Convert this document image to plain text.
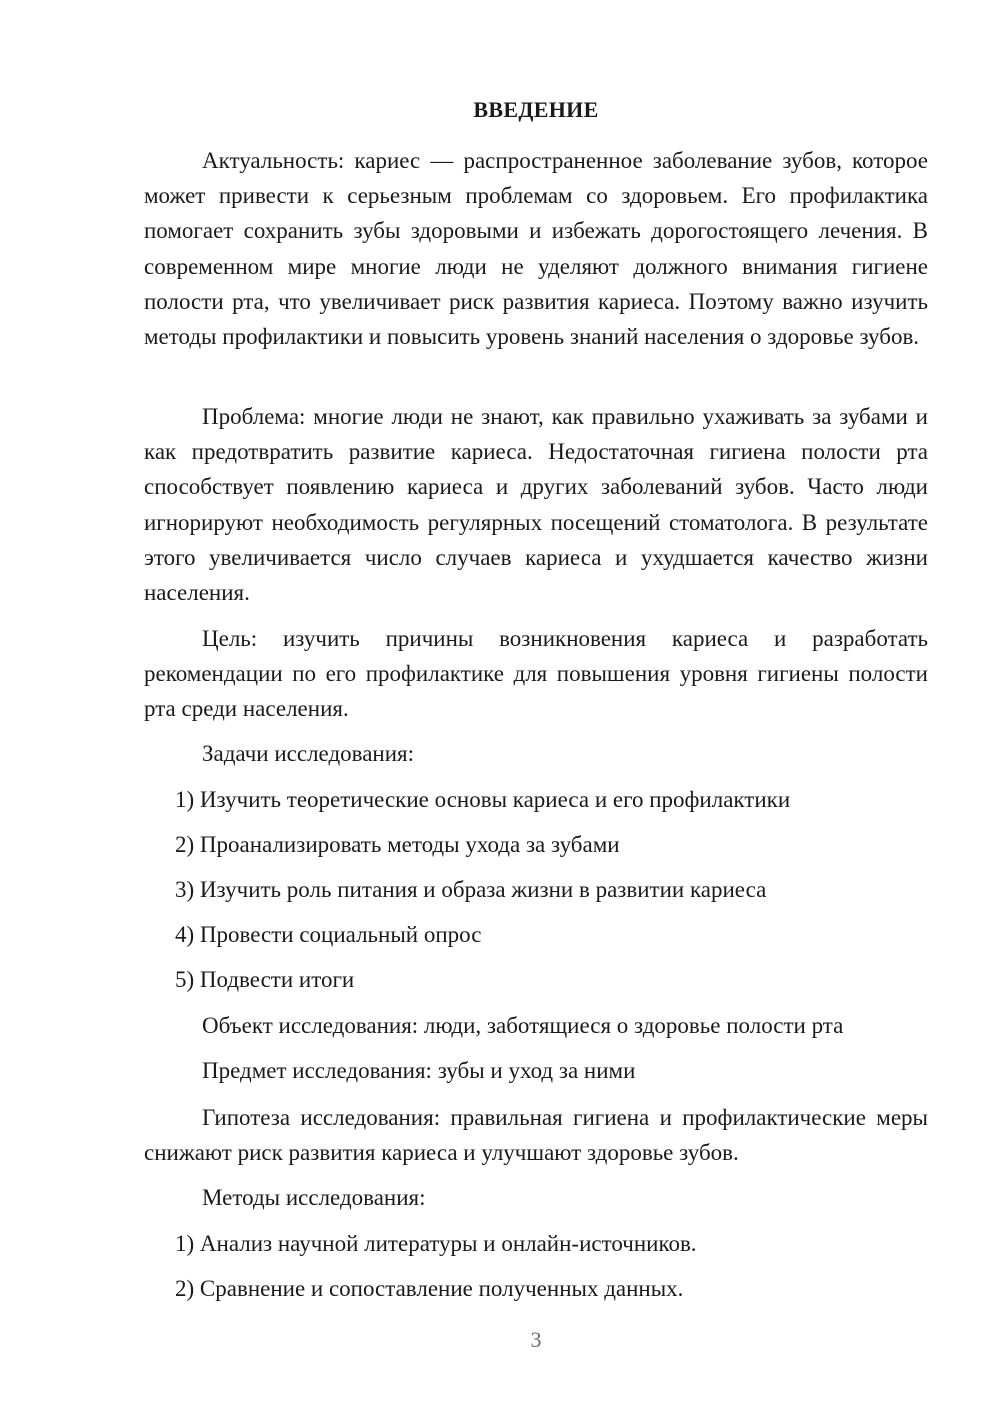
ВВЕДЕНИЕ

Актуальность: кариес — распространенное заболевание зубов, которое может привести к серьезным проблемам со здоровьем. Его профилактика помогает сохранить зубы здоровыми и избежать дорогостоящего лечения. В современном мире многие люди не уделяют должного внимания гигиене полости рта, что увеличивает риск развития кариеса. Поэтому важно изучить методы профилактики и повысить уровень знаний населения о здоровье зубов.

Проблема: многие люди не знают, как правильно ухаживать за зубами и как предотвратить развитие кариеса. Недостаточная гигиена полости рта способствует появлению кариеса и других заболеваний зубов. Часто люди игнорируют необходимость регулярных посещений стоматолога. В результате этого увеличивается число случаев кариеса и ухудшается качество жизни населения.

Цель: изучить причины возникновения кариеса и разработать рекомендации по его профилактике для повышения уровня гигиены полости рта среди населения.

Задачи исследования:
1) Изучить теоретические основы кариеса и его профилактики
2) Проанализировать методы ухода за зубами
3) Изучить роль питания и образа жизни в развитии кариеса
4) Провести социальный опрос
5) Подвести итоги
Объект исследования: люди, заботящиеся о здоровье полости рта
Предмет исследования: зубы и уход за ними

Гипотеза исследования: правильная гигиена и профилактические меры снижают риск развития кариеса и улучшают здоровье зубов.

Методы исследования:
1) Анализ научной литературы и онлайн-источников.
2) Сравнение и сопоставление полученных данных.
3
